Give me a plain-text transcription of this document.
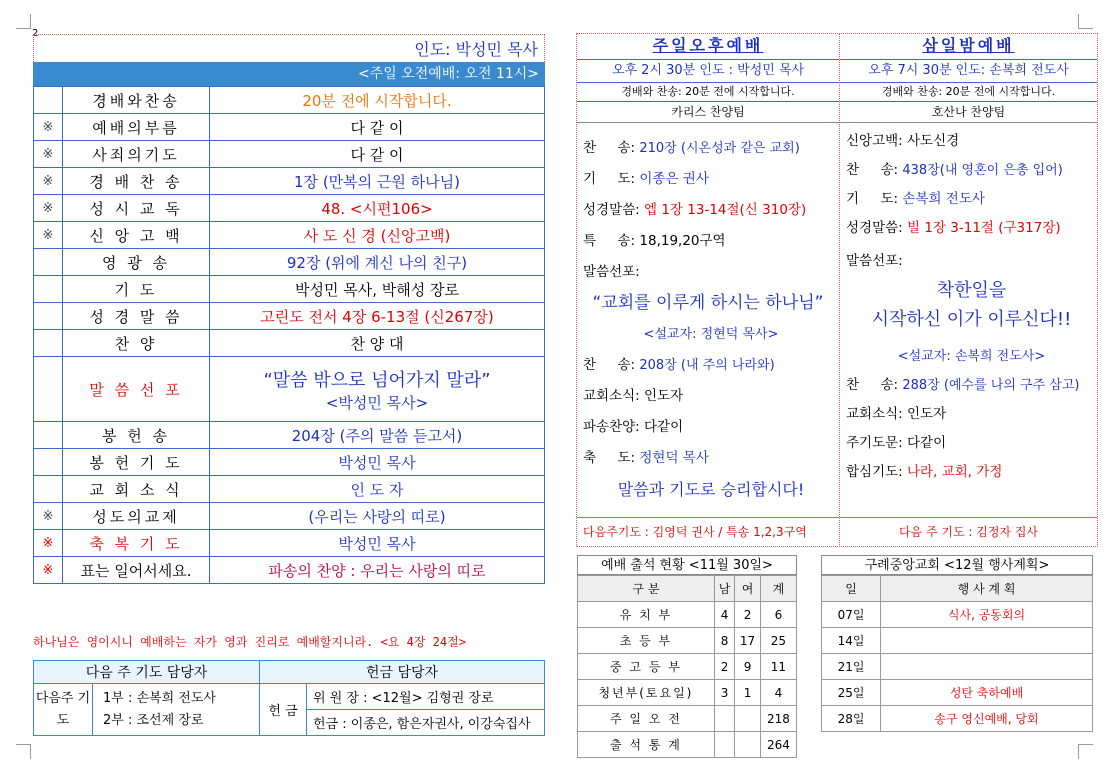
2
인도: 박성민 목사
<주일 오전예배: 오전 11시>
	경배와찬송	20분 전에 시작합니다.
※	예배의부름	다 같 이
※	사죄의기도	다 같 이
※	경 배 찬 송	1장 (만복의 근원 하나님)
※	성 시 교 독	48. <시편106>
※	신 앙 고 백	사 도 신 경 (신앙고백)
	영 광 송	92장 (위에 계신 나의 친구)
	기 도	박성민 목사, 박해성 장로
	성 경 말 씀	고린도 전서 4장 6-13절 (신267장)
	찬 양	찬 양 대
	말 씀 선 포	“말씀 밖으로 넘어가지 말라”
<박성민 목사>

	봉 헌 송	204장 (주의 말씀 듣고서)
	봉 헌 기 도	박성민 목사
	교 회 소 식	인 도 자
※	성도의교제	(우리는 사랑의 띠로)
※	축 복 기 도	박성민 목사
※	표는 일어서세요.	파송의 찬양 : 우리는 사랑의 띠로
하나님은 영이시니 예배하는 자가 영과 진리로 예배할지니라. <요 4장 24절>
다음 주 기도 담당자		헌금 담당자	
다음주 기 도	1부 : 손복희 전도사
2부 : 조선제 장로	헌 금	위 원 장 : <12월> 김형권 장로
			헌금 : 이종은, 함은자권사, 이강숙집사
주일오후예배
오후 2시 30분 인도 : 박성민 목사
경배와 찬송: 20분 전에 시작합니다.
카리스 찬양팀

찬     송: 210장 (시온성과 같은 교회)

기     도: 이종은 권사

성경말씀: 엡 1장 13-14절(신 310장)

특     송: 18,19,20구역

말씀선포:

“교회를 이루게 하시는 하나님”

<설교자: 정현덕 목사>

찬     송: 208장 (내 주의 나라와)

교회소식: 인도자

파송찬양: 다같이

축     도: 정현덕 목사

말씀과 기도로 승리합시다!

다음주기도 : 김영덕 권사 / 특송 1,2,3구역
삼일밤예배
오후 7시 30분 인도: 손복희 전도사
경배와 찬송: 20분 전에 시작합니다.
호산나 찬양팀

신앙고백: 사도신경

찬     송: 438장(내 영혼이 은총 입어)

기     도: 손복희 전도사

성경말씀: 빌 1장 3-11절 (구317장)

말씀선포:

착한일을

시작하신 이가 이루신다!!

<설교자: 손복희 전도사>

찬     송: 288장 (예수를 나의 구주 삼고)

교회소식: 인도자

주기도문: 다같이

합심기도: 나라, 교회, 가정

다음 주 기도 : 김정자 집사
예배 출석 현황 <11월 30일>
구 분	남	여	계
유 치 부	4	2	6
초 등 부	8	17	25
중 고 등 부	2	9	11
청년부(토요일)	3	1	4
주 일 오 전			218
출 석 통 계			264
구례중앙교회 <12월 행사계획>
일	행 사 계 획
07일	식사, 공동회의
14일	
21일	
25일	성탄 축하예배
28일	송구 영신예배, 당회
